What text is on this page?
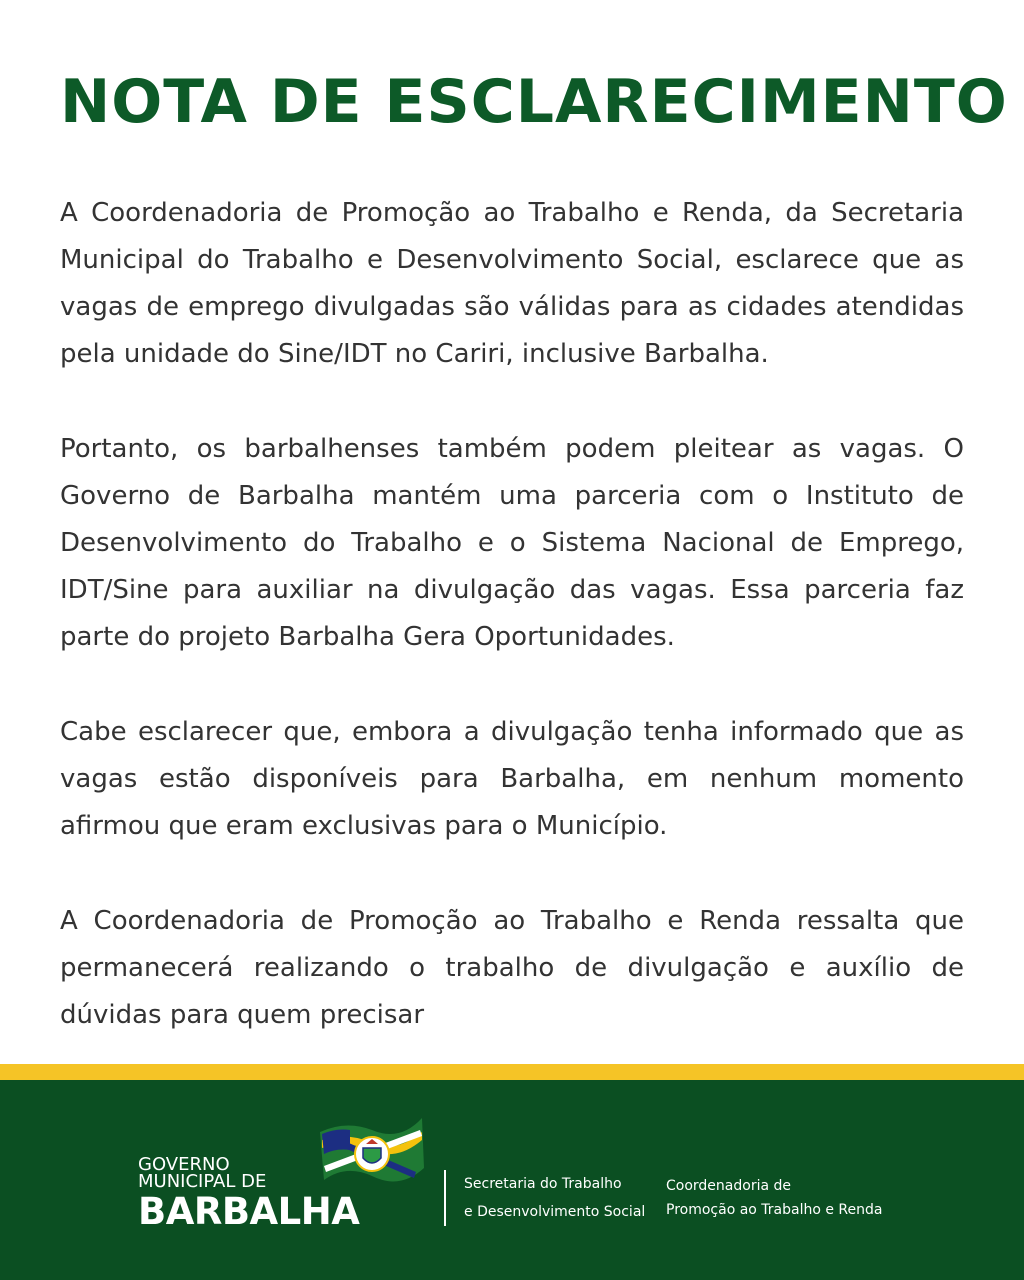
NOTA DE ESCLARECIMENTO

A Coordenadoria de Promoção ao Trabalho e Renda, da Secretaria Municipal do Trabalho e Desenvolvimento Social, esclarece que as vagas de emprego divulgadas são válidas para as cidades atendidas pela unidade do Sine/IDT no Cariri, inclusive Barbalha.

Portanto, os barbalhenses também podem pleitear as vagas. O Governo de Barbalha mantém uma parceria com o Instituto de Desenvolvimento do Trabalho e o Sistema Nacional de Emprego, IDT/Sine para auxiliar na divulgação das vagas. Essa parceria faz parte do projeto Barbalha Gera Oportunidades.

Cabe esclarecer que, embora a divulgação tenha informado que as vagas estão disponíveis para Barbalha, em nenhum momento afirmou que eram exclusivas para o Município.

A Coordenadoria de Promoção ao Trabalho e Renda ressalta que permanecerá realizando o trabalho de divulgação e auxílio de dúvidas para quem precisar

GOVERNO
MUNICIPAL DE
BARBALHA
Secretaria do Trabalho
e Desenvolvimento Social
Coordenadoria de
Promoção ao Trabalho e Renda
